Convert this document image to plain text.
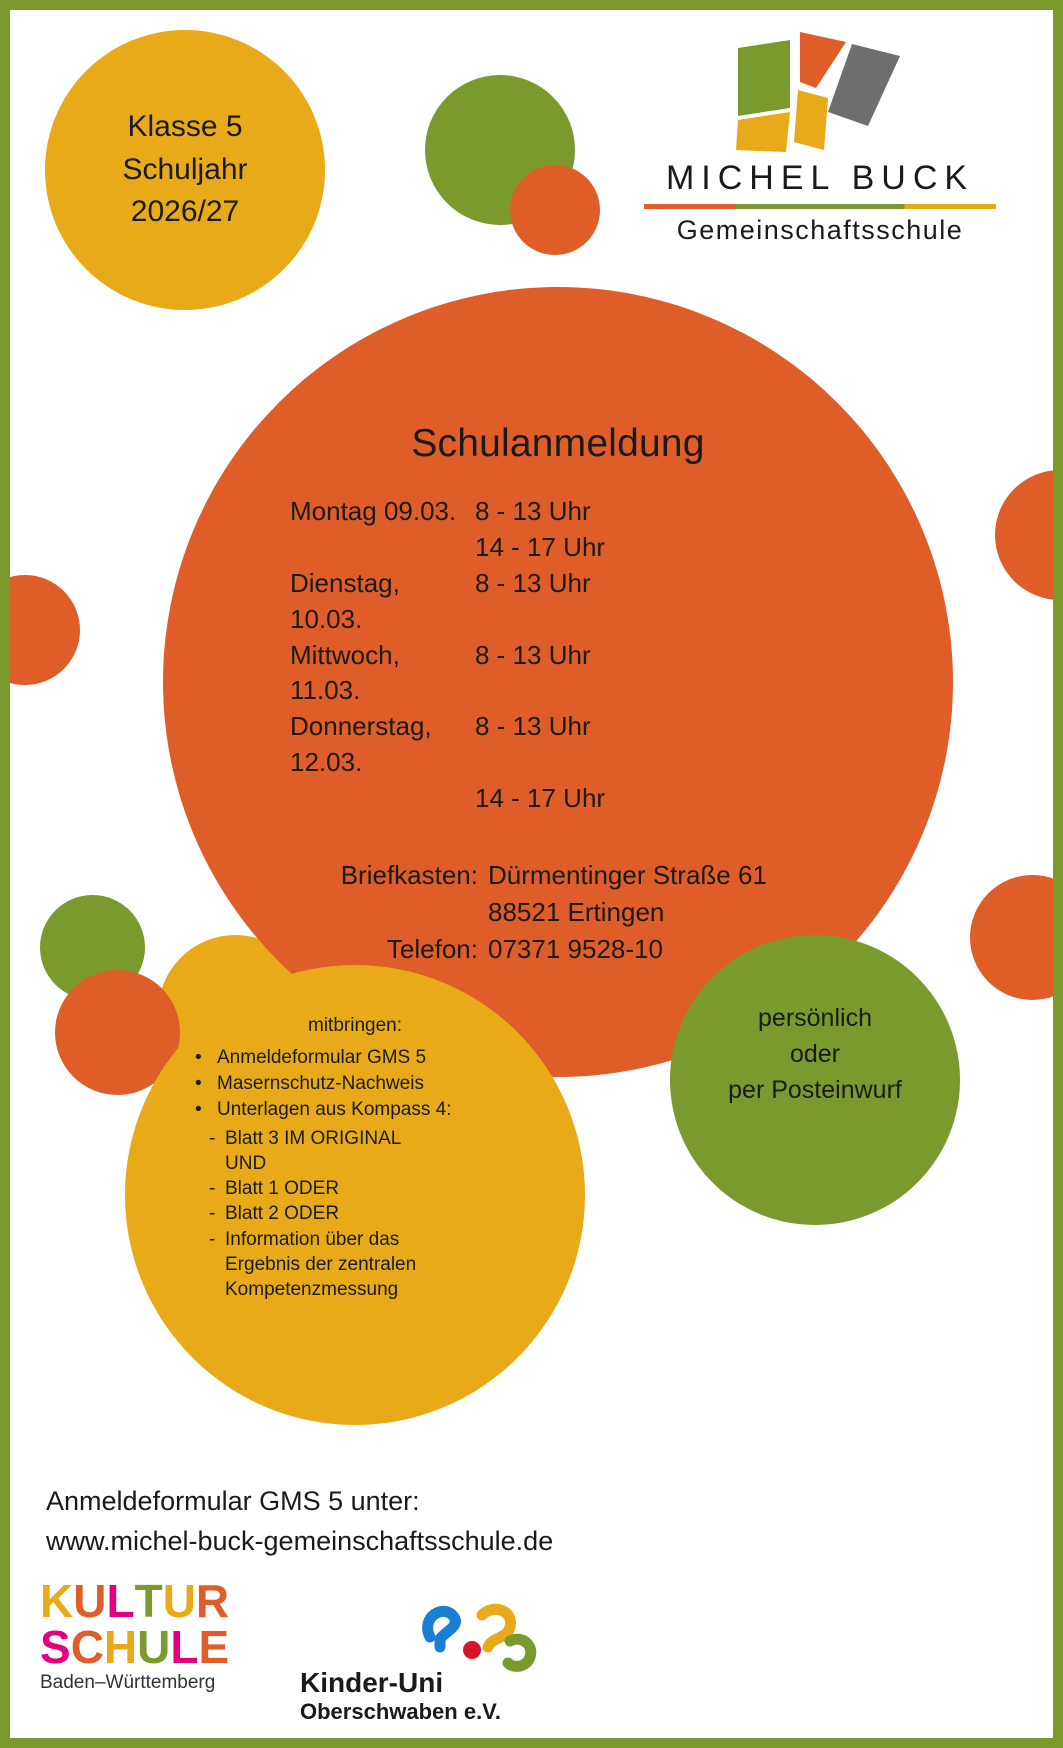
Klasse 5
Schuljahr
2026/27
MICHEL BUCK
Gemeinschaftsschule
Schulanmeldung
Montag 09.03. 8 - 13 Uhr
14 - 17 Uhr
Dienstag, 10.03.
8 - 13 Uhr
Mittwoch, 11.03.
8 - 13 Uhr
Donnerstag, 12.03.
8 - 13 Uhr
14 - 17 Uhr
Briefkasten: Dürmentinger Straße 61
88521 Ertingen
Telefon: 07371 9528-10
persönlich
oder
per Posteinwurf
mitbringen:
• Anmeldeformular GMS 5
• Masernschutz-Nachweis
• Unterlagen aus Kompass 4:
- Blatt 3 IM ORIGINAL
UND
- Blatt 1 ODER
- Blatt 2 ODER
- Information über das
Ergebnis der zentralen
Kompetenzmessung
Anmeldeformular GMS 5 unter:
www.michel-buck-gemeinschaftsschule.de
KULTUR
SCHULE
Baden–Württemberg	Kinder-Uni
Oberschwaben e.V.
